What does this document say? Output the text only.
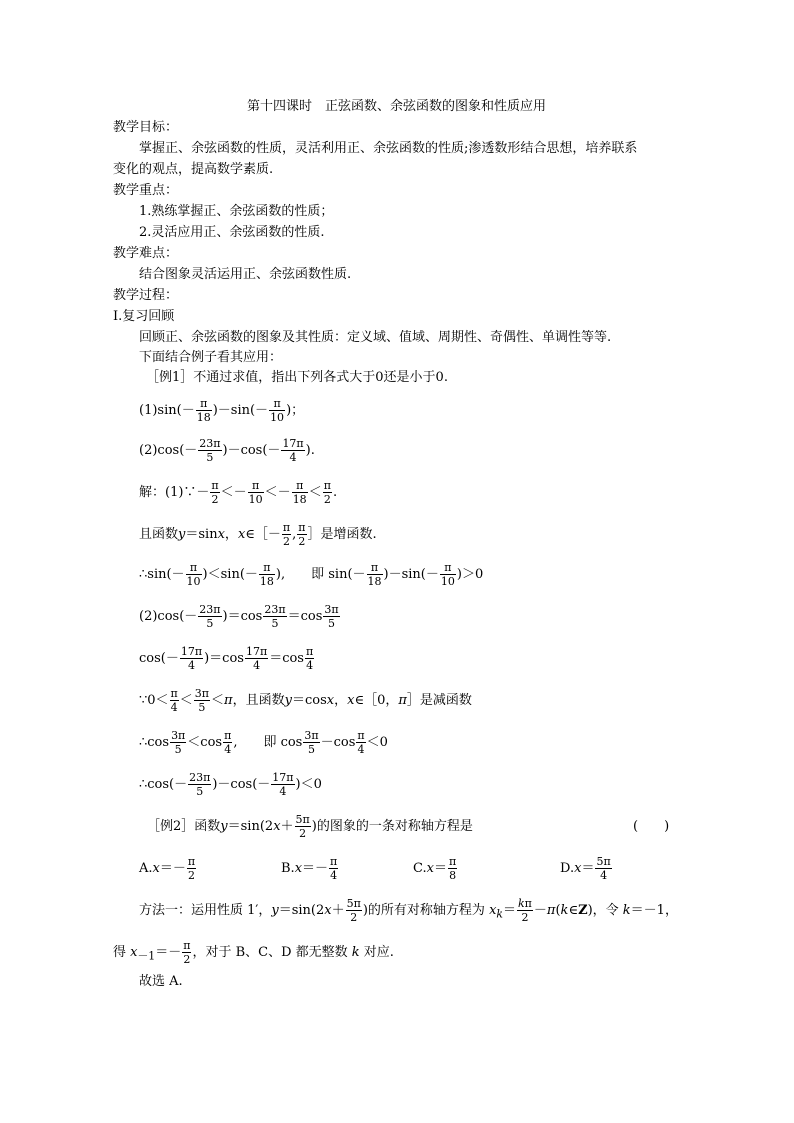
第十四课时　正弦函数、余弦函数的图象和性质应用
教学目标：
掌握正、余弦函数的性质，灵活利用正、余弦函数的性质;渗透数形结合思想，培养联系
变化的观点，提高数学素质.
教学重点：
1.熟练掌握正、余弦函数的性质；
2.灵活应用正、余弦函数的性质.
教学难点：
结合图象灵活运用正、余弦函数性质.
教学过程：
Ⅰ.复习回顾
回顾正、余弦函数的图象及其性质：定义域、值域、周期性、奇偶性、单调性等等.
下面结合例子看其应用：
［例1］不通过求值，指出下列各式大于0还是小于0.
$(1)\sin(- \frac{\pi}{18} )-\sin(- \frac{\pi}{10}$ )；
$(2)\cos(- \frac{23\pi}{5} )-\cos(- \frac{17\pi}{4}$ ).
解：(1)∵－ $\frac{\pi}{2} <- \frac{\pi}{10} <- \frac{\pi}{18} < \frac{\pi}{2}$ .
且函数y＝sinx，x∈［－ $\frac{\pi}{2}$ , $\frac{\pi}{2}$ ］是增函数.
∴sin(－ $\frac{\pi}{10} )<\sin(- \frac{\pi}{18}$ ),　　即 $\sin(- \frac{\pi}{18} )-\sin(- \frac{\pi}{10} )>0$
$(2)\cos(- \frac{23\pi}{5} )=\cos \frac{23\pi}{5} =\cos \frac{3\pi}{5}$
$\cos(- \frac{17\pi}{4} )=\cos \frac{17\pi}{4} =\cos \frac{\pi}{4}$
∵0＜ $\frac{\pi}{4} < \frac{3\pi}{5} <\pi$，且函数y＝cosx，x∈［0，π］是减函数
∴cos $\frac{3\pi}{5} <\cos \frac{\pi}{4}$ ,　　即 $\cos \frac{3\pi}{5} -\cos \frac{\pi}{4} <0$
∴cos(－ $\frac{23\pi}{5} )-\cos(- \frac{17\pi}{4} )<0$
［例2］函数$y=\sin(2x+ \frac{5\pi}{2}$ )的图象的一条对称轴方程是	(　　)
$A.x=- \frac{\pi}{2}$	$B.x=- \frac{\pi}{4}$	$C.x= \frac{\pi}{8}$	$D.x= \frac{5\pi}{4}$
方法一：运用性质 1′，$y=\sin(2x+ \frac{5\pi}{2}$ )的所有对称轴方程为 $x_k= \frac{k\pi}{2}$ －π(k∈Z)，令 k＝－1，
得 $x_{-1}=- \frac{\pi}{2}$ ，对于 B、C、D 都无整数 k 对应.
故选 A.
